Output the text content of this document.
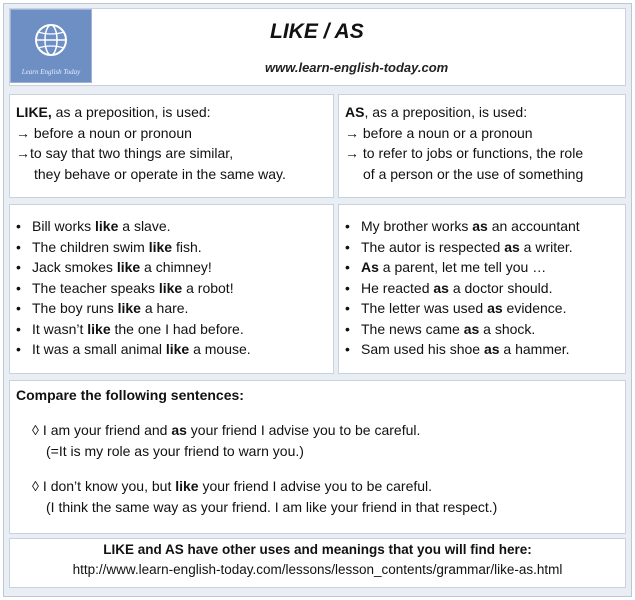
Learn English Today
LIKE / AS
www.learn-english-today.com
LIKE, as a preposition, is used:
→ before a noun or pronoun
→to say that two things are similar,
they behave or operate in the same way.
AS, as a preposition, is used:
→ before a noun or a pronoun
→ to refer to jobs or functions, the role
of a person or the use of something
• Bill works like a slave.
• The children swim like fish.
• Jack smokes like a chimney!
• The teacher speaks like a robot!
• The boy runs like a hare.
• It wasn’t like the one I had before.
• It was a small animal like a mouse.
• My brother works as an accountant
• The autor is respected as a writer.
• As a parent, let me tell you …
• He reacted as a doctor should.
• The letter was used as evidence.
• The news came as a shock.
• Sam used his shoe as a hammer.
Compare the following sentences:
◊ I am your friend and as your friend I advise you to be careful.
(=It is my role as your friend to warn you.)
◊ I don’t know you, but like your friend I advise you to be careful.
(I think the same way as your friend. I am like your friend in that respect.)
LIKE and AS have other uses and meanings that you will find here:
http://www.learn-english-today.com/lessons/lesson_contents/grammar/like-as.html
